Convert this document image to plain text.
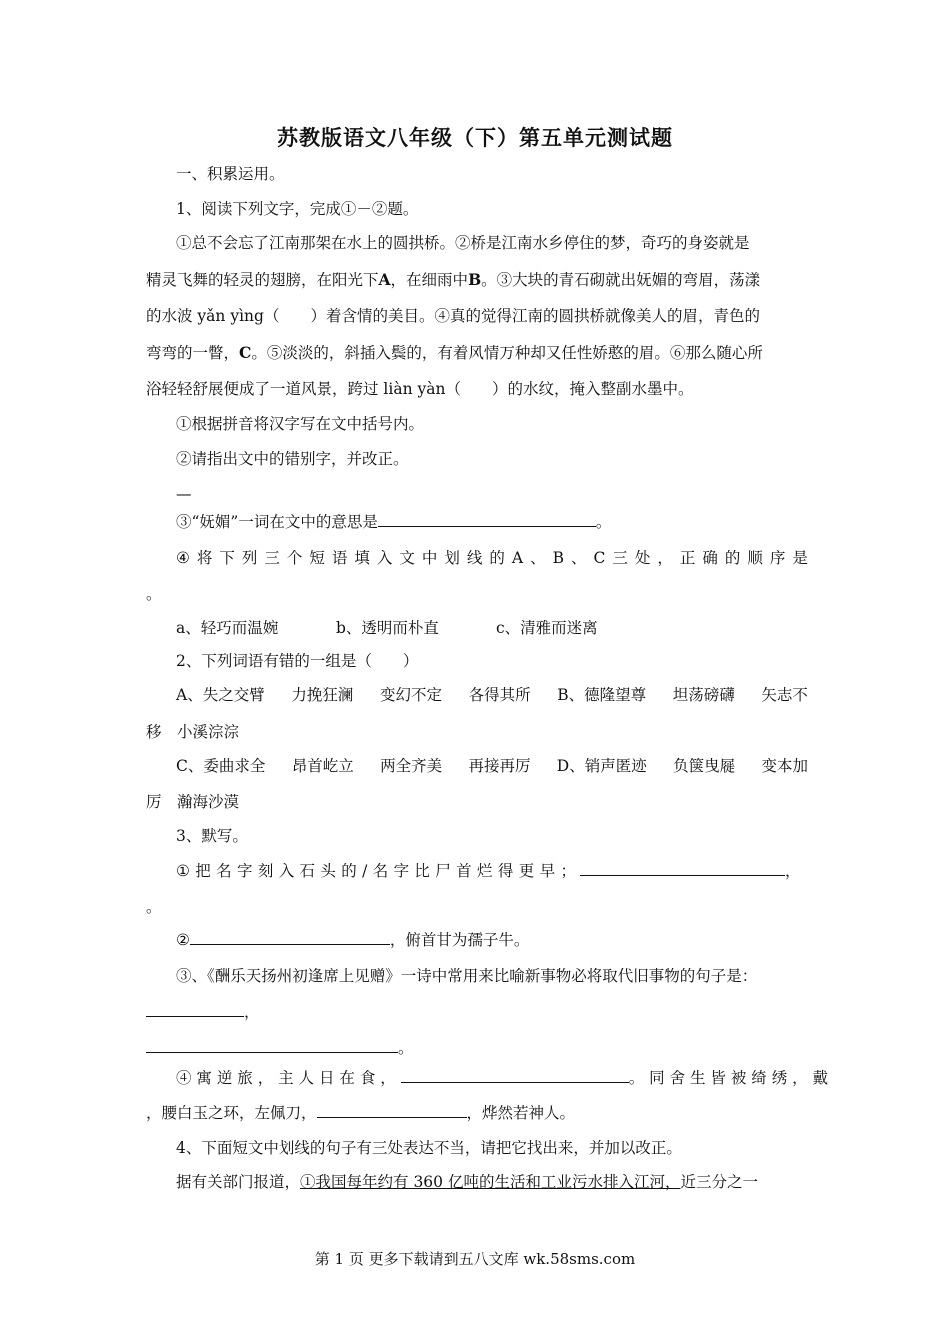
苏教版语文八年级（下）第五单元测试题
一、积累运用。
1、阅读下列文字，完成①－②题。
①总不会忘了江南那架在水上的圆拱桥。②桥是江南水乡停住的梦，奇巧的身姿就是
精灵飞舞的轻灵的翅膀，在阳光下A，在细雨中B。③大块的青石砌就出妩媚的弯眉，荡漾
的水波 yǎn yìng（　　）着含情的美目。④真的觉得江南的圆拱桥就像美人的眉，青色的
弯弯的一瞥，C。⑤淡淡的，斜插入鬓的，有着风情万种却又任性娇憨的眉。⑥那么随心所
浴轻轻舒展便成了一道风景，跨过 liàn yàn（　　）的水纹，掩入整副水墨中。
①根据拼音将汉字写在文中括号内。
②请指出文中的错别字，并改正。
—
③“妩媚”一词在文中的意思是	。
④ 将 下 列 三 个 短 语 填 入 文 中 划 线 的 A 、 B 、 C 三 处 ， 正 确 的 顺 序 是
。
a、轻巧而温婉	b、透明而朴直	c、清雅而迷离
2、下列词语有错的一组是（　　）
A、失之交臂 力挽狂澜 变幻不定 各得其所 B、德隆望尊 坦荡磅礴 矢志不
移　小溪淙淙
C、委曲求全 昂首屹立 两全齐美 再接再厉 D、销声匿迹 负箧曳屣 变本加
厉　瀚海沙漠
3、默写。
① 把 名 字 刻 入 石 头 的 / 名 字 比 尸 首 烂 得 更 早 ；	，
。
②	，俯首甘为孺子牛。
③、《酬乐天扬州初逢席上见赠》一诗中常用来比喻新事物必将取代旧事物的句子是：
，
。
④ 寓 逆 旅 ， 主 人 日 在 食 ，	。 同 舍 生 皆 被 绮 绣 ， 戴
，腰白玉之环，左佩刀，	，烨然若神人。
4、下面短文中划线的句子有三处表达不当，请把它找出来，并加以改正。
据有关部门报道，①我国每年约有 360 亿吨的生活和工业污水排入江河，近三分之一
第 1 页 更多下载请到五八文库 wk.58sms.com
